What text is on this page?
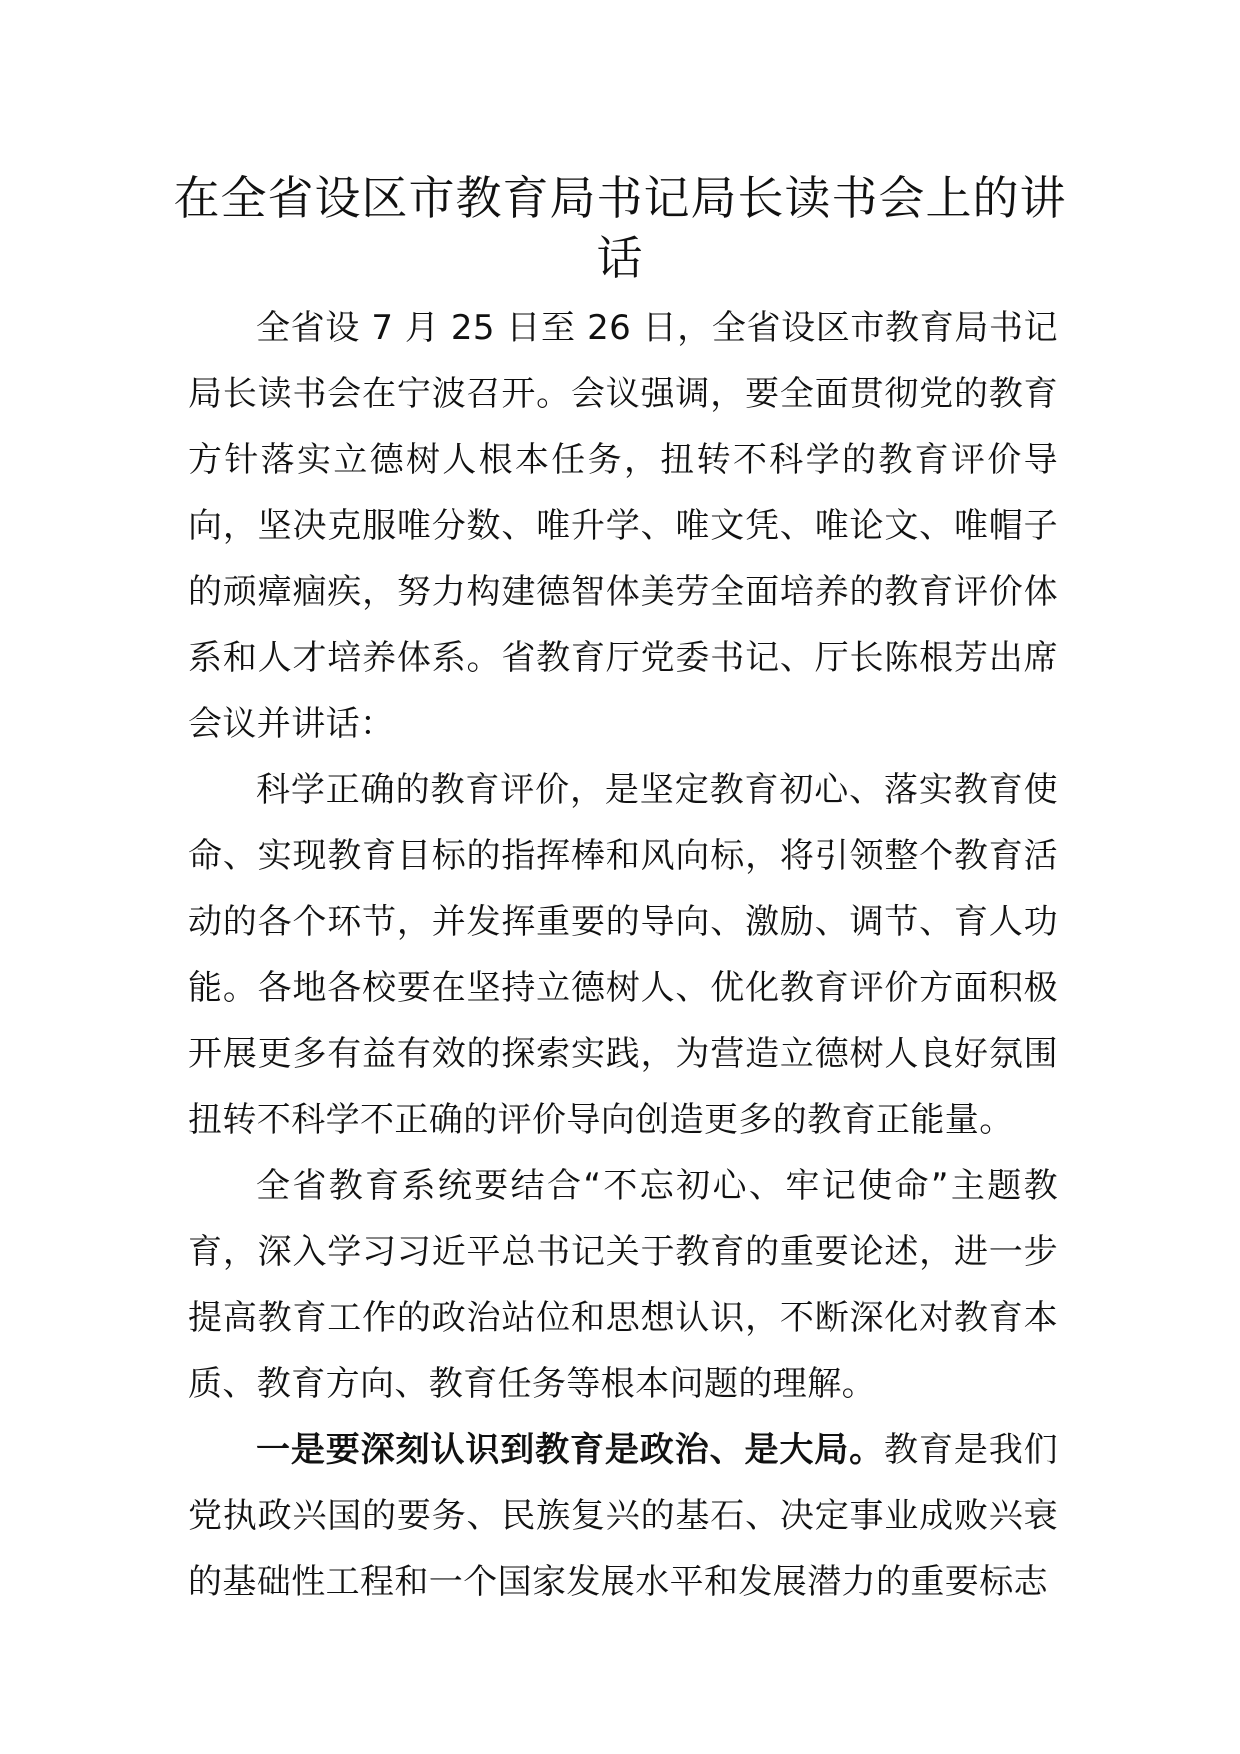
在全省设区市教育局书记局长读书会上的讲话

全省设 7 月 25 日至 26 日，全省设区市教育局书记局长读书会在宁波召开。会议强调，要全面贯彻党的教育方针落实立德树人根本任务，扭转不科学的教育评价导向，坚决克服唯分数、唯升学、唯文凭、唯论文、唯帽子的顽瘴痼疾，努力构建德智体美劳全面培养的教育评价体系和人才培养体系。省教育厅党委书记、厅长陈根芳出席会议并讲话：

科学正确的教育评价，是坚定教育初心、落实教育使命、实现教育目标的指挥棒和风向标，将引领整个教育活动的各个环节，并发挥重要的导向、激励、调节、育人功能。各地各校要在坚持立德树人、优化教育评价方面积极开展更多有益有效的探索实践，为营造立德树人良好氛围扭转不科学不正确的评价导向创造更多的教育正能量。

全省教育系统要结合“不忘初心、牢记使命”主题教育，深入学习习近平总书记关于教育的重要论述，进一步提高教育工作的政治站位和思想认识，不断深化对教育本质、教育方向、教育任务等根本问题的理解。

一是要深刻认识到教育是政治、是大局。教育是我们党执政兴国的要务、民族复兴的基石、决定事业成败兴衰的基础性工程和一个国家发展水平和发展潜力的重要标志
